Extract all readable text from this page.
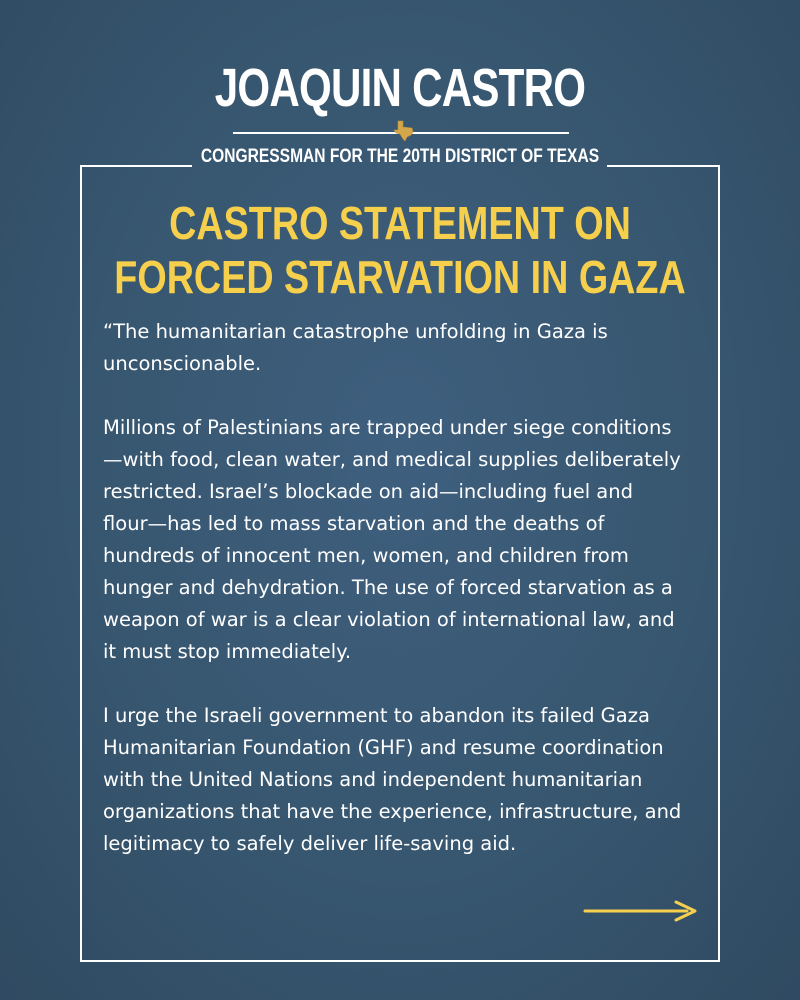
JOAQUIN CASTRO
CONGRESSMAN FOR THE 20TH DISTRICT OF TEXAS
CASTRO STATEMENT ON
FORCED STARVATION IN GAZA

“The humanitarian catastrophe unfolding in Gaza is
unconscionable.

Millions of Palestinians are trapped under siege conditions
—with food, clean water, and medical supplies deliberately
restricted. Israel’s blockade on aid—including fuel and
flour—has led to mass starvation and the deaths of
hundreds of innocent men, women, and children from
hunger and dehydration. The use of forced starvation as a
weapon of war is a clear violation of international law, and
it must stop immediately.

I urge the Israeli government to abandon its failed Gaza
Humanitarian Foundation (GHF) and resume coordination
with the United Nations and independent humanitarian
organizations that have the experience, infrastructure, and
legitimacy to safely deliver life-saving aid.
